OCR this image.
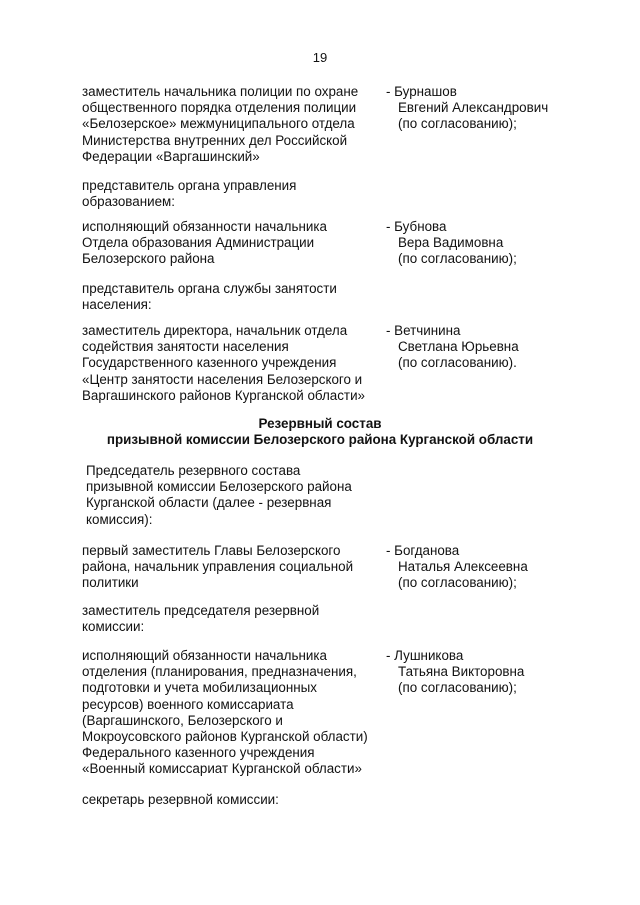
19
заместитель начальника полиции по охране
общественного порядка отделения полиции
«Белозерское» межмуниципального отдела
Министерства внутренних дел Российской
Федерации «Варгашинский»
- Бурнашов
Евгений Александрович
(по согласованию);
представитель органа управления
образованием:
исполняющий обязанности начальника
Отдела образования Администрации
Белозерского района
- Бубнова
Вера Вадимовна
(по согласованию);
представитель органа службы занятости
населения:
заместитель директора, начальник отдела
содействия занятости населения
Государственного казенного учреждения
«Центр занятости населения Белозерского и
Варгашинского районов Курганской области»
- Ветчинина
Светлана Юрьевна
(по согласованию).
Резервный состав
призывной комиссии Белозерского района Курганской области
Председатель резервного состава
призывной комиссии Белозерского района
Курганской области (далее - резервная
комиссия):
первый заместитель Главы Белозерского
района, начальник управления социальной
политики
- Богданова
Наталья Алексеевна
(по согласованию);
заместитель председателя резервной
комиссии:
исполняющий обязанности начальника
отделения (планирования, предназначения,
подготовки и учета мобилизационных
ресурсов) военного комиссариата
(Варгашинского, Белозерского и
Мокроусовского районов Курганской области)
Федерального казенного учреждения
«Военный комиссариат Курганской области»
- Лушникова
Татьяна Викторовна
(по согласованию);
секретарь резервной комиссии:
